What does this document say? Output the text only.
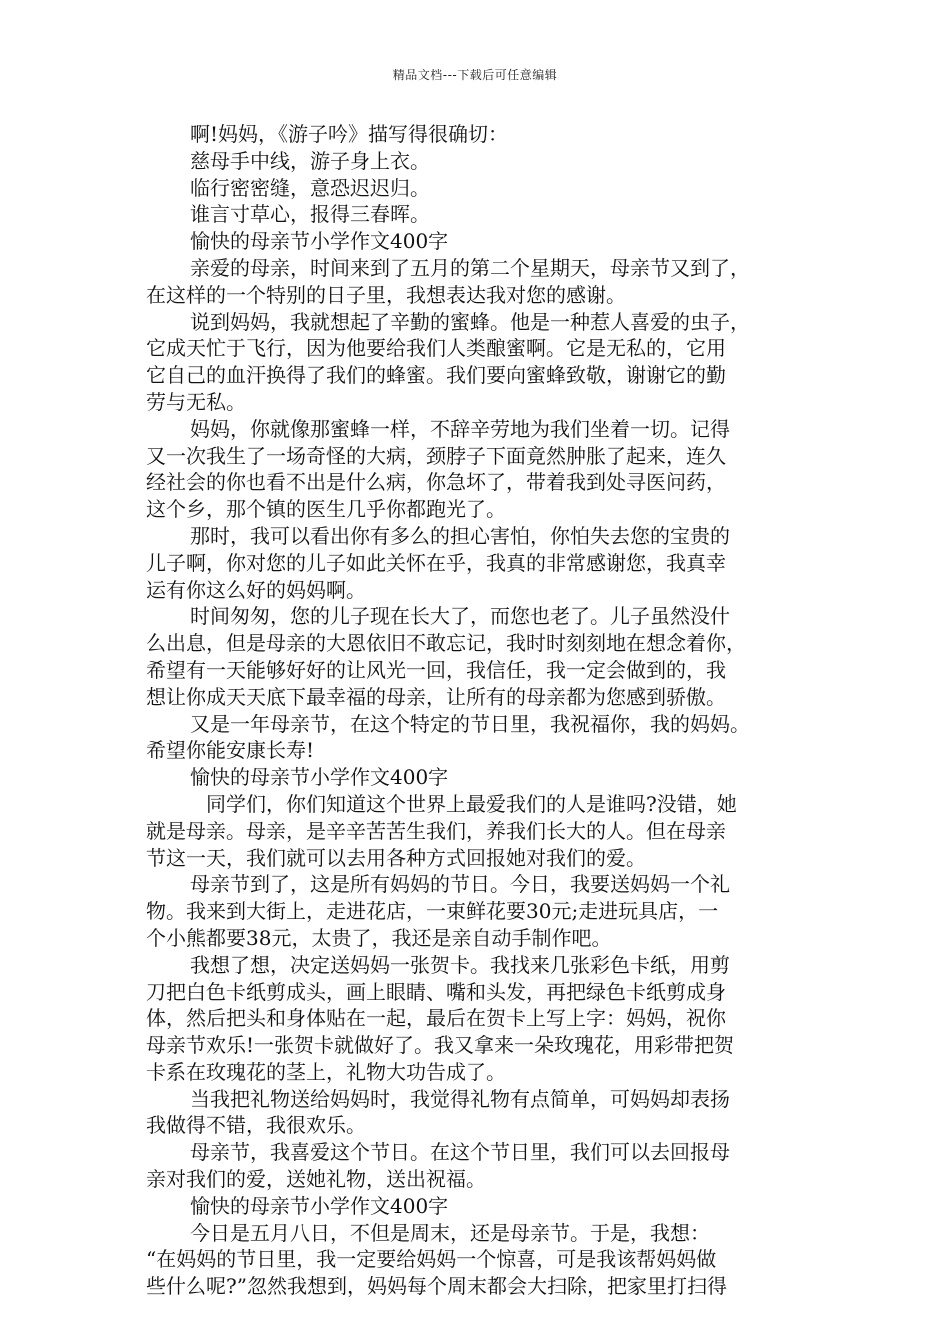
精品文档---下载后可任意编辑
啊!妈妈，《游子吟》描写得很确切：
慈母手中线，游子身上衣。
临行密密缝，意恐迟迟归。
谁言寸草心，报得三春晖。
愉快的母亲节小学作文400字
亲爱的母亲，时间来到了五月的第二个星期天，母亲节又到了，
在这样的一个特别的日子里，我想表达我对您的感谢。
说到妈妈，我就想起了辛勤的蜜蜂。他是一种惹人喜爱的虫子，
它成天忙于飞行，因为他要给我们人类酿蜜啊。它是无私的，它用
它自己的血汗换得了我们的蜂蜜。我们要向蜜蜂致敬，谢谢它的勤
劳与无私。
妈妈，你就像那蜜蜂一样，不辞辛劳地为我们坐着一切。记得
又一次我生了一场奇怪的大病，颈脖子下面竟然肿胀了起来，连久
经社会的你也看不出是什么病，你急坏了，带着我到处寻医问药，
这个乡，那个镇的医生几乎你都跑光了。
那时，我可以看出你有多么的担心害怕，你怕失去您的宝贵的
儿子啊，你对您的儿子如此关怀在乎，我真的非常感谢您，我真幸
运有你这么好的妈妈啊。
时间匆匆，您的儿子现在长大了，而您也老了。儿子虽然没什
么出息，但是母亲的大恩依旧不敢忘记，我时时刻刻地在想念着你，
希望有一天能够好好的让风光一回，我信任，我一定会做到的，我
想让你成天天底下最幸福的母亲，让所有的母亲都为您感到骄傲。
又是一年母亲节，在这个特定的节日里，我祝福你，我的妈妈。
希望你能安康长寿!
愉快的母亲节小学作文400字
同学们，你们知道这个世界上最爱我们的人是谁吗?没错，她
就是母亲。母亲，是辛辛苦苦生我们，养我们长大的人。但在母亲
节这一天，我们就可以去用各种方式回报她对我们的爱。
母亲节到了，这是所有妈妈的节日。今日，我要送妈妈一个礼
物。我来到大街上，走进花店，一束鲜花要30元;走进玩具店，一
个小熊都要38元，太贵了，我还是亲自动手制作吧。
我想了想，决定送妈妈一张贺卡。我找来几张彩色卡纸，用剪
刀把白色卡纸剪成头，画上眼睛、嘴和头发，再把绿色卡纸剪成身
体，然后把头和身体贴在一起，最后在贺卡上写上字：妈妈，祝你
母亲节欢乐!一张贺卡就做好了。我又拿来一朵玫瑰花，用彩带把贺
卡系在玫瑰花的茎上，礼物大功告成了。
当我把礼物送给妈妈时，我觉得礼物有点简单，可妈妈却表扬
我做得不错，我很欢乐。
母亲节，我喜爱这个节日。在这个节日里，我们可以去回报母
亲对我们的爱，送她礼物，送出祝福。
愉快的母亲节小学作文400字
今日是五月八日，不但是周末，还是母亲节。于是，我想：
“在妈妈的节日里，我一定要给妈妈一个惊喜，可是我该帮妈妈做
些什么呢?”忽然我想到，妈妈每个周末都会大扫除，把家里打扫得
